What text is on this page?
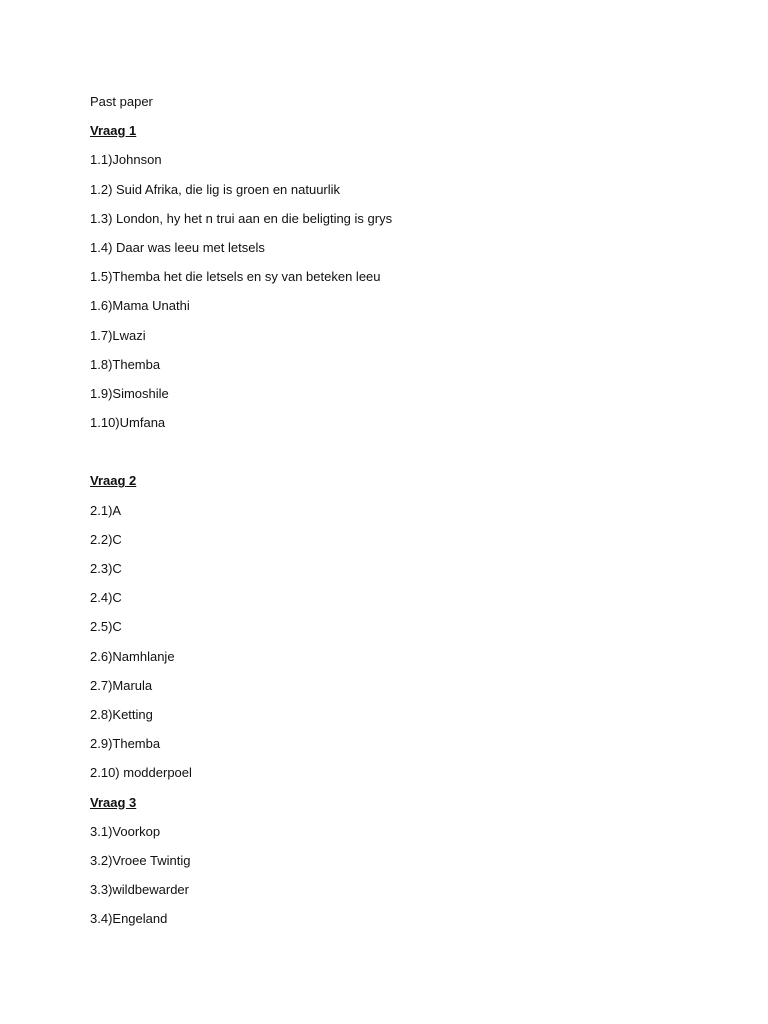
Past paper
Vraag 1
1.1)Johnson
1.2) Suid Afrika, die lig is groen en natuurlik
1.3) London, hy het n trui aan en die beligting is grys
1.4) Daar was leeu met letsels
1.5)Themba het die letsels en sy van beteken leeu
1.6)Mama Unathi
1.7)Lwazi
1.8)Themba
1.9)Simoshile
1.10)Umfana
Vraag 2
2.1)A
2.2)C
2.3)C
2.4)C
2.5)C
2.6)Namhlanje
2.7)Marula
2.8)Ketting
2.9)Themba
2.10) modderpoel
Vraag 3
3.1)Voorkop
3.2)Vroee Twintig
3.3)wildbewarder
3.4)Engeland
